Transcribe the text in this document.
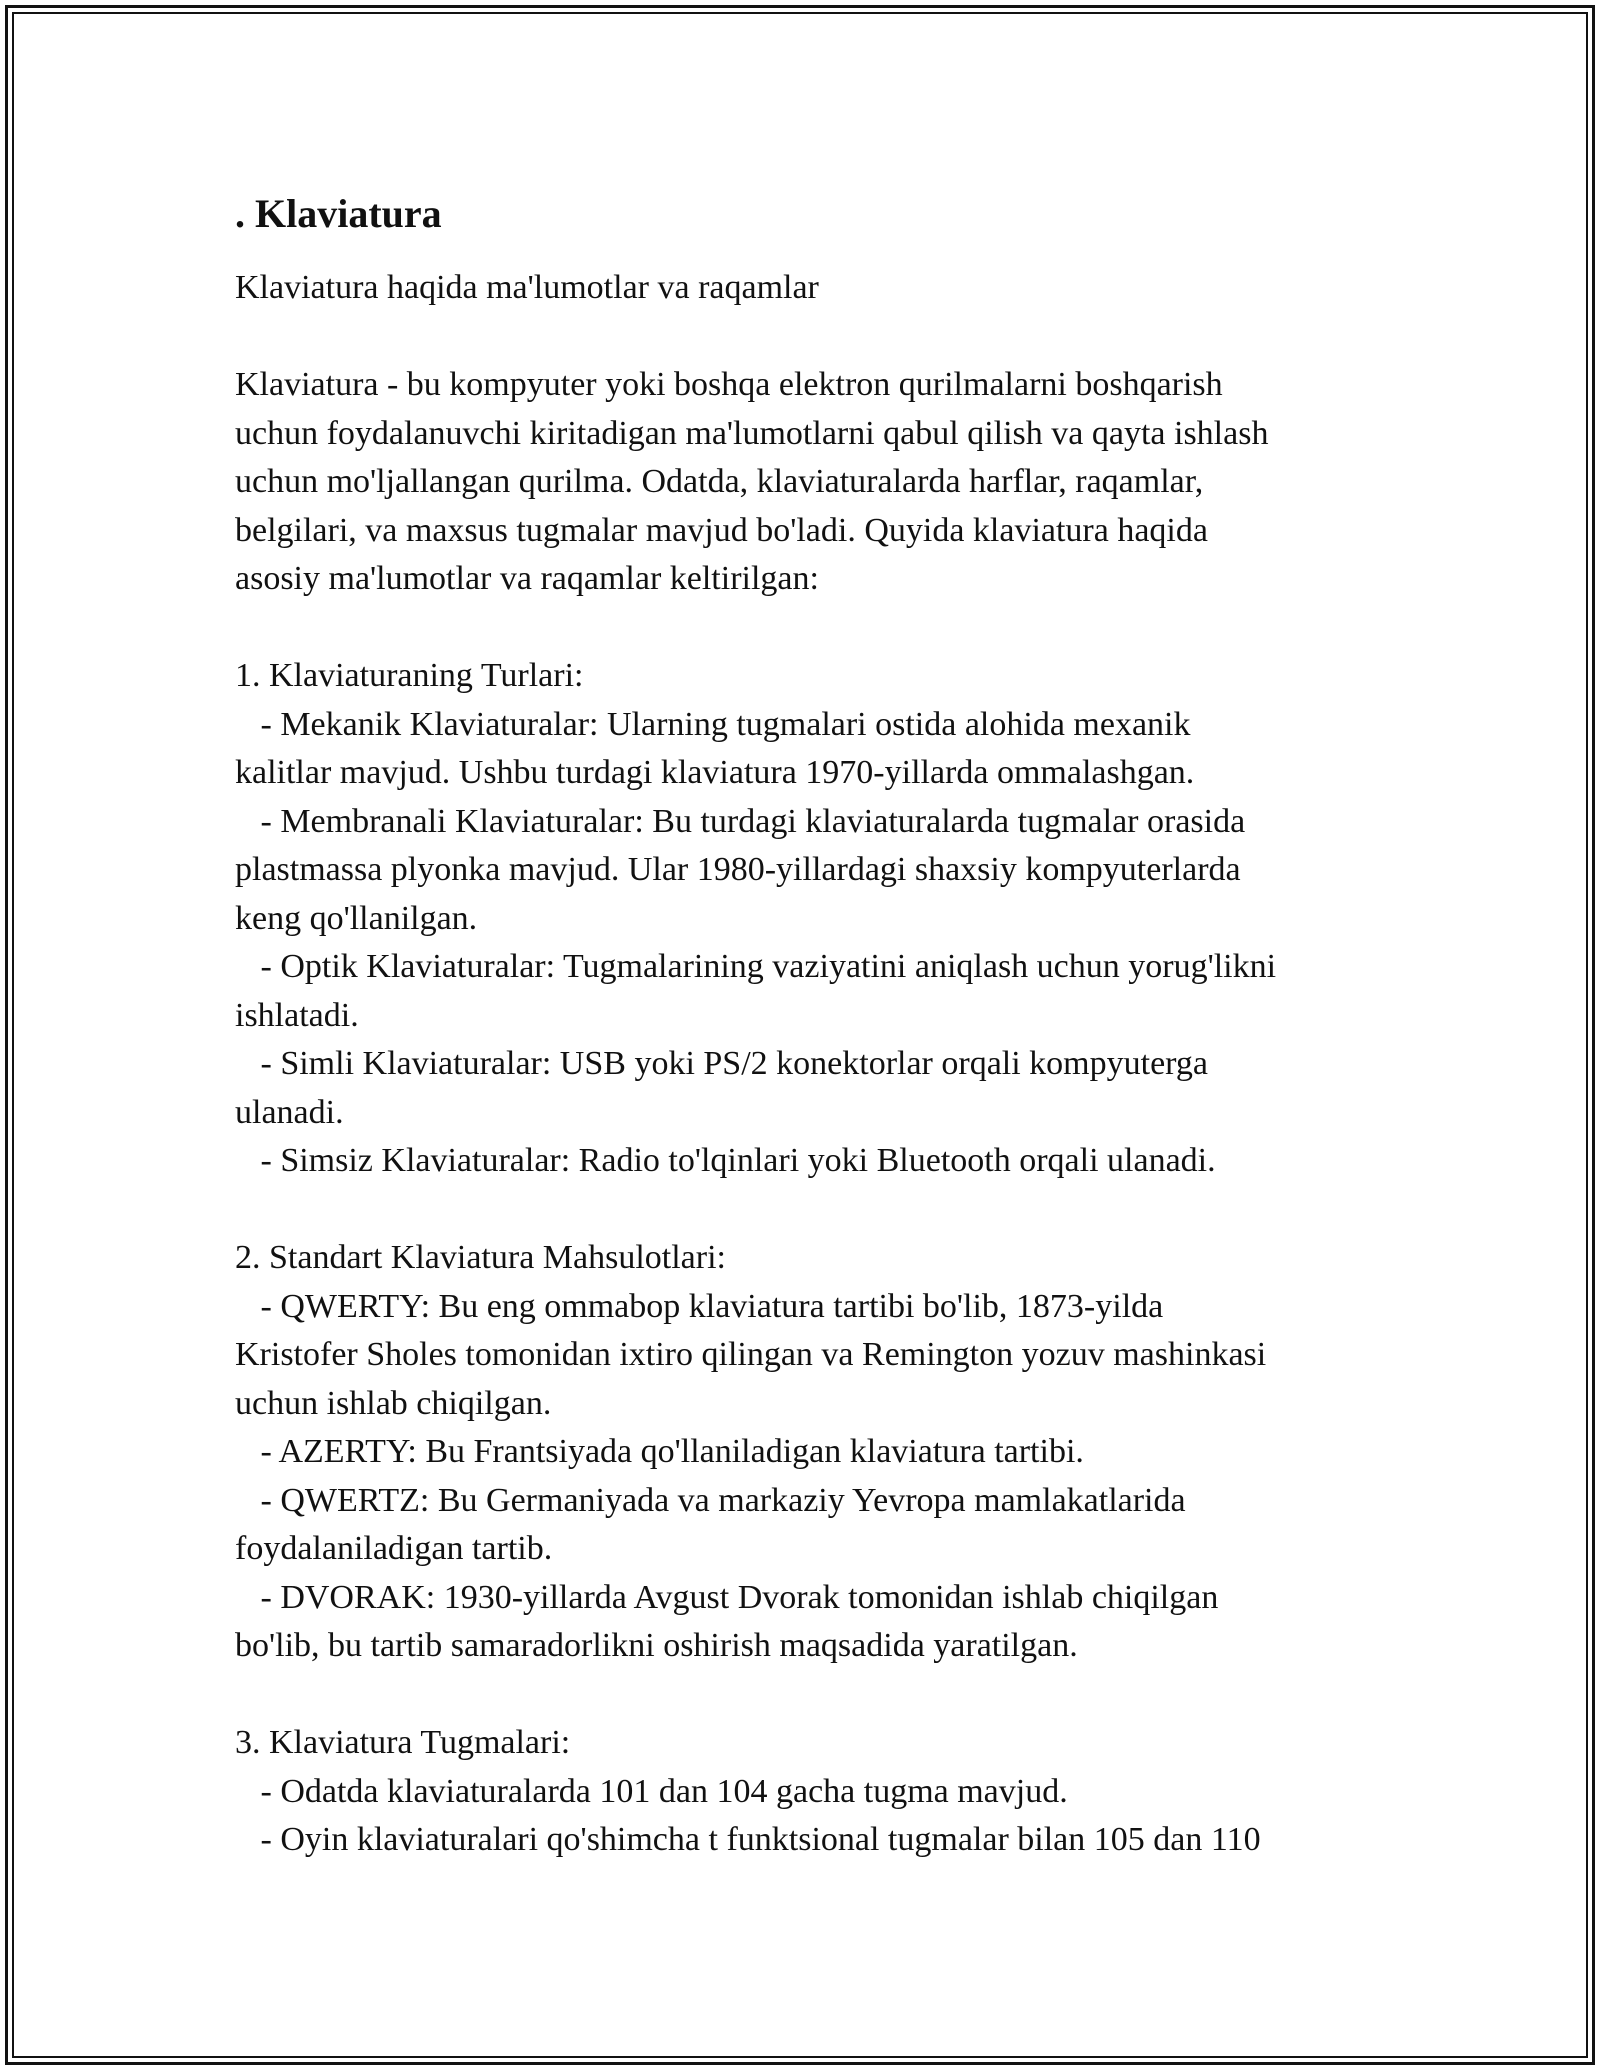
. Klaviatura

Klaviatura haqida ma'lumotlar va raqamlar

Klaviatura - bu kompyuter yoki boshqa elektron qurilmalarni boshqarish
uchun foydalanuvchi kiritadigan ma'lumotlarni qabul qilish va qayta ishlash
uchun mo'ljallangan qurilma. Odatda, klaviaturalarda harflar, raqamlar,
belgilari, va maxsus tugmalar mavjud bo'ladi. Quyida klaviatura haqida
asosiy ma'lumotlar va raqamlar keltirilgan:

1. Klaviaturaning Turlari:

- Mekanik Klaviaturalar: Ularning tugmalari ostida alohida mexanik
kalitlar mavjud. Ushbu turdagi klaviatura 1970-yillarda ommalashgan.

- Membranali Klaviaturalar: Bu turdagi klaviaturalarda tugmalar orasida
plastmassa plyonka mavjud. Ular 1980-yillardagi shaxsiy kompyuterlarda
keng qo'llanilgan.

- Optik Klaviaturalar: Tugmalarining vaziyatini aniqlash uchun yorug'likni
ishlatadi.

- Simli Klaviaturalar: USB yoki PS/2 konektorlar orqali kompyuterga
ulanadi.

- Simsiz Klaviaturalar: Radio to'lqinlari yoki Bluetooth orqali ulanadi.

2. Standart Klaviatura Mahsulotlari:

- QWERTY: Bu eng ommabop klaviatura tartibi bo'lib, 1873-yilda
Kristofer Sholes tomonidan ixtiro qilingan va Remington yozuv mashinkasi
uchun ishlab chiqilgan.

- AZERTY: Bu Frantsiyada qo'llaniladigan klaviatura tartibi.

- QWERTZ: Bu Germaniyada va markaziy Yevropa mamlakatlarida
foydalaniladigan tartib.

- DVORAK: 1930-yillarda Avgust Dvorak tomonidan ishlab chiqilgan
bo'lib, bu tartib samaradorlikni oshirish maqsadida yaratilgan.

3. Klaviatura Tugmalari:

- Odatda klaviaturalarda 101 dan 104 gacha tugma mavjud.

- Oyin klaviaturalari qo'shimcha t funktsional tugmalar bilan 105 dan 110
